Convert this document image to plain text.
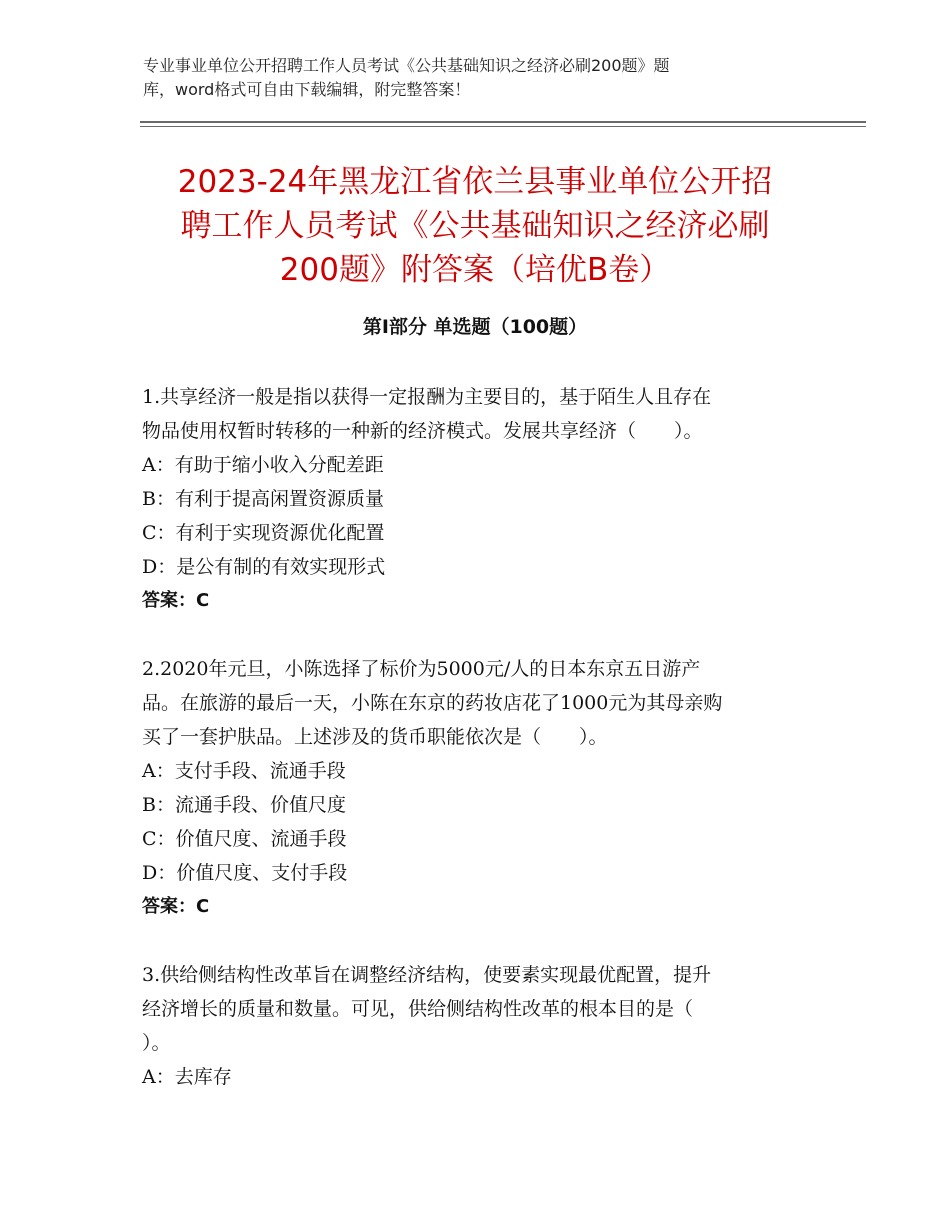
专业事业单位公开招聘工作人员考试《公共基础知识之经济必刷200题》题
库，word格式可自由下载编辑，附完整答案！
2023-24年黑龙江省依兰县事业单位公开招
聘工作人员考试《公共基础知识之经济必刷
200题》附答案（培优B卷）
第Ⅰ部分 单选题（100题）
1.共享经济一般是指以获得一定报酬为主要目的，基于陌生人且存在
物品使用权暂时转移的一种新的经济模式。发展共享经济（　　）。
A：有助于缩小收入分配差距
B：有利于提高闲置资源质量
C：有利于实现资源优化配置
D：是公有制的有效实现形式
答案：C
2.2020年元旦，小陈选择了标价为5000元/人的日本东京五日游产
品。在旅游的最后一天，小陈在东京的药妆店花了1000元为其母亲购
买了一套护肤品。上述涉及的货币职能依次是（　　）。
A：支付手段、流通手段
B：流通手段、价值尺度
C：价值尺度、流通手段
D：价值尺度、支付手段
答案：C
3.供给侧结构性改革旨在调整经济结构，使要素实现最优配置，提升
经济增长的质量和数量。可见，供给侧结构性改革的根本目的是（
）。
A：去库存
